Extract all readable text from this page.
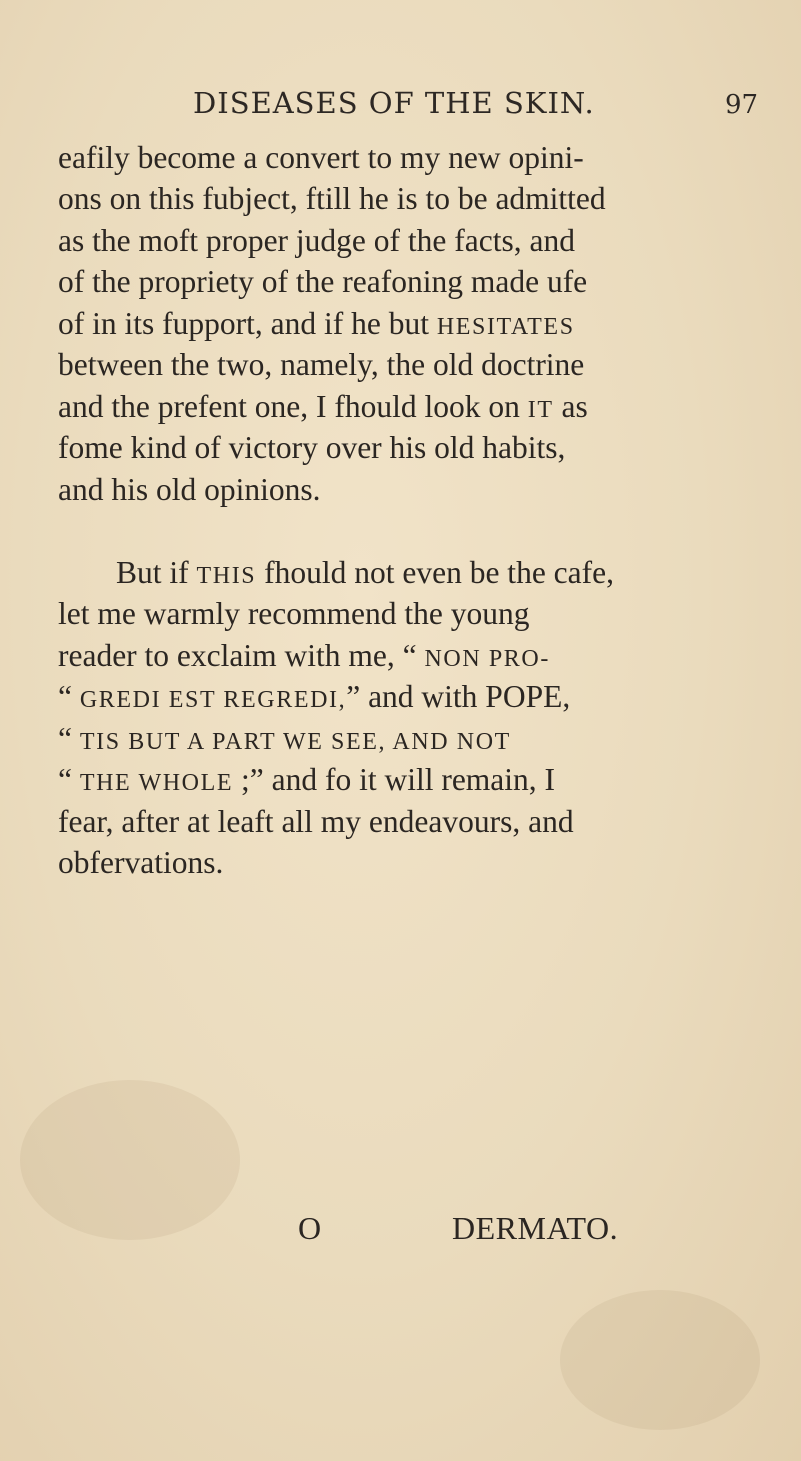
DISEASES OF THE SKIN.	97
eafily become a convert to my new opini-
ons on this fubject, ftill he is to be admitted
as the moft proper judge of the facts, and
of the propriety of the reafoning made ufe
of in its fupport, and if he but HESITATES
between the two, namely, the old doctrine
and the prefent one, I fhould look on IT as
fome kind of victory over his old habits,
and his old opinions.
But if THIS fhould not even be the cafe,
let me warmly recommend the young
reader to exclaim with me, “ NON PRO-
“ GREDI EST REGREDI,” and with POPE,
“ TIS BUT A PART WE SEE, AND NOT
“ THE WHOLE ;” and fo it will remain, I
fear, after at leaft all my endeavours, and
obfervations.
O	DERMATO.
